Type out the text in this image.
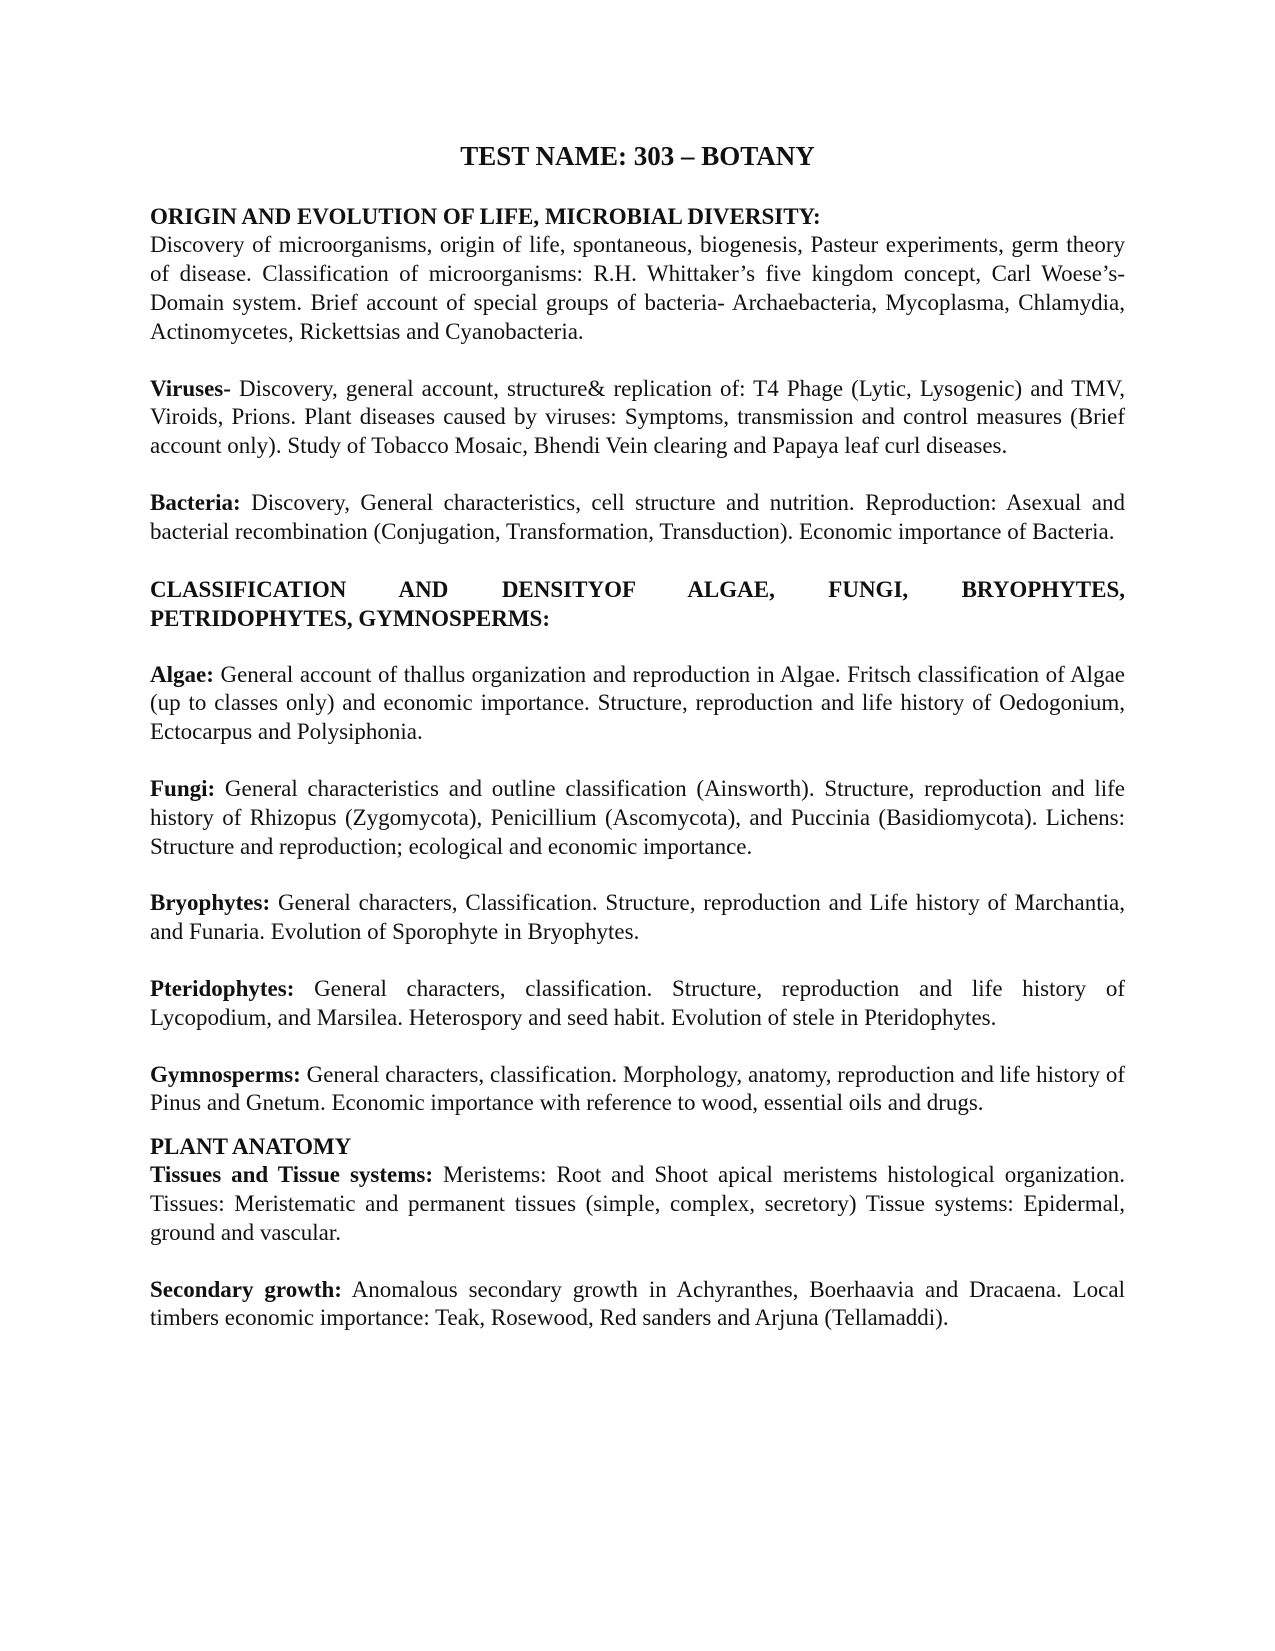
TEST NAME: 303 – BOTANY

ORIGIN AND EVOLUTION OF LIFE, MICROBIAL DIVERSITY:

Discovery of microorganisms, origin of life, spontaneous, biogenesis, Pasteur experiments, germ theory of disease. Classification of microorganisms: R.H. Whittaker’s five kingdom concept, Carl Woese’s- Domain system. Brief account of special groups of bacteria- Archaebacteria, Mycoplasma, Chlamydia, Actinomycetes, Rickettsias and Cyanobacteria.

Viruses- Discovery, general account, structure& replication of: T4 Phage (Lytic, Lysogenic) and TMV, Viroids, Prions. Plant diseases caused by viruses: Symptoms, transmission and control measures (Brief account only). Study of Tobacco Mosaic, Bhendi Vein clearing and Papaya leaf curl diseases.

Bacteria: Discovery, General characteristics, cell structure and nutrition. Reproduction: Asexual and bacterial recombination (Conjugation, Transformation, Transduction). Economic importance of Bacteria.

CLASSIFICATION AND DENSITYOF ALGAE, FUNGI, BRYOPHYTES,
PETRIDOPHYTES, GYMNOSPERMS:

Algae: General account of thallus organization and reproduction in Algae. Fritsch classification of Algae (up to classes only) and economic importance. Structure, reproduction and life history of Oedogonium, Ectocarpus and Polysiphonia.

Fungi: General characteristics and outline classification (Ainsworth). Structure, reproduction and life history of Rhizopus (Zygomycota), Penicillium (Ascomycota), and Puccinia (Basidiomycota). Lichens: Structure and reproduction; ecological and economic importance.

Bryophytes: General characters, Classification. Structure, reproduction and Life history of Marchantia, and Funaria. Evolution of Sporophyte in Bryophytes.

Pteridophytes: General characters, classification. Structure, reproduction and life history of Lycopodium, and Marsilea. Heterospory and seed habit. Evolution of stele in Pteridophytes.

Gymnosperms: General characters, classification. Morphology, anatomy, reproduction and life history of Pinus and Gnetum. Economic importance with reference to wood, essential oils and drugs.

PLANT ANATOMY

Tissues and Tissue systems: Meristems: Root and Shoot apical meristems histological organization. Tissues: Meristematic and permanent tissues (simple, complex, secretory) Tissue systems: Epidermal, ground and vascular.

Secondary growth: Anomalous secondary growth in Achyranthes, Boerhaavia and Dracaena. Local timbers economic importance: Teak, Rosewood, Red sanders and Arjuna (Tellamaddi).
